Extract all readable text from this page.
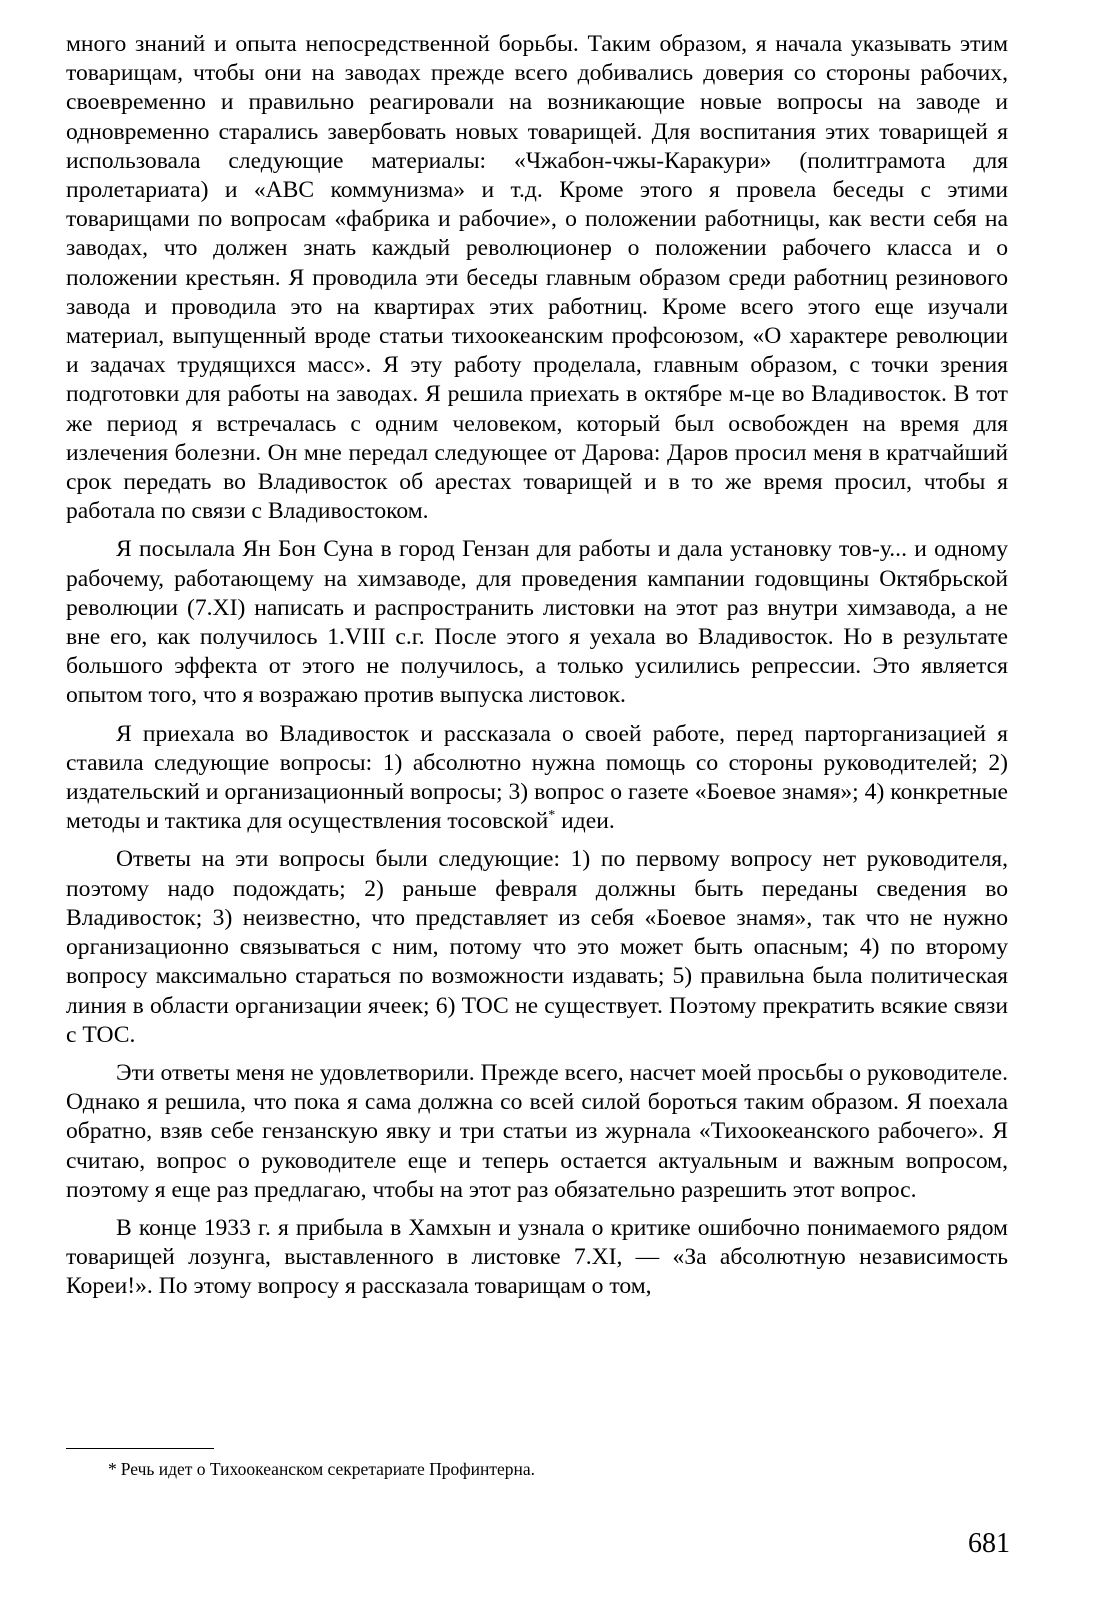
много знаний и опыта непосредственной борьбы. Таким образом, я начала указывать этим товарищам, чтобы они на заводах прежде всего добивались доверия со стороны рабочих, своевременно и правильно реагировали на возникающие новые вопросы на заводе и одновременно старались завербовать новых товарищей. Для воспитания этих товарищей я использовала следующие материалы: «Чжабон-чжы-Каракури» (политграмота для пролетариата) и «АВС коммунизма» и т.д. Кроме этого я провела беседы с этими товарищами по вопросам «фабрика и рабочие», о положении работницы, как вести себя на заводах, что должен знать каждый революционер о положении рабочего класса и о положении крестьян. Я проводила эти беседы главным образом среди работниц резинового завода и проводила это на квартирах этих работниц. Кроме всего этого еще изучали материал, выпущенный вроде статьи тихоокеанским профсоюзом, «О характере революции и задачах трудящихся масс». Я эту работу проделала, главным образом, с точки зрения подготовки для работы на заводах. Я решила приехать в октябре м-це во Владивосток. В тот же период я встречалась с одним человеком, который был освобожден на время для излечения болезни. Он мне передал следующее от Дарова: Даров просил меня в кратчайший срок передать во Владивосток об арестах товарищей и в то же время просил, чтобы я работала по связи с Владивостоком.

Я посылала Ян Бон Суна в город Гензан для работы и дала установку тов-у... и одному рабочему, работающему на химзаводе, для проведения кампании годовщины Октябрьской революции (7.XI) написать и распространить листовки на этот раз внутри химзавода, а не вне его, как получилось 1.VIII с.г. После этого я уехала во Владивосток. Но в результате большого эффекта от этого не получилось, а только усилились репрессии. Это является опытом того, что я возражаю против выпуска листовок.

Я приехала во Владивосток и рассказала о своей работе, перед парторганизацией я ставила следующие вопросы: 1) абсолютно нужна помощь со стороны руководителей; 2) издательский и организационный вопросы; 3) вопрос о газете «Боевое знамя»; 4) конкретные методы и тактика для осуществления тосовской* идеи.

Ответы на эти вопросы были следующие: 1) по первому вопросу нет руководителя, поэтому надо подождать; 2) раньше февраля должны быть переданы сведения во Владивосток; 3) неизвестно, что представляет из себя «Боевое знамя», так что не нужно организационно связываться с ним, потому что это может быть опасным; 4) по второму вопросу максимально стараться по возможности издавать; 5) правильна была политическая линия в области организации ячеек; 6) ТОС не существует. Поэтому прекратить всякие связи с ТОС.

Эти ответы меня не удовлетворили. Прежде всего, насчет моей просьбы о руководителе. Однако я решила, что пока я сама должна со всей силой бороться таким образом. Я поехала обратно, взяв себе гензанскую явку и три статьи из журнала «Тихоокеанского рабочего». Я считаю, вопрос о руководителе еще и теперь остается актуальным и важным вопросом, поэтому я еще раз предлагаю, чтобы на этот раз обязательно разрешить этот вопрос.

В конце 1933 г. я прибыла в Хамхын и узнала о критике ошибочно понимаемого рядом товарищей лозунга, выставленного в листовке 7.XI, — «За абсолютную независимость Кореи!». По этому вопросу я рассказала товарищам о том,

* Речь идет о Тихоокеанском секретариате Профинтерна.
681
